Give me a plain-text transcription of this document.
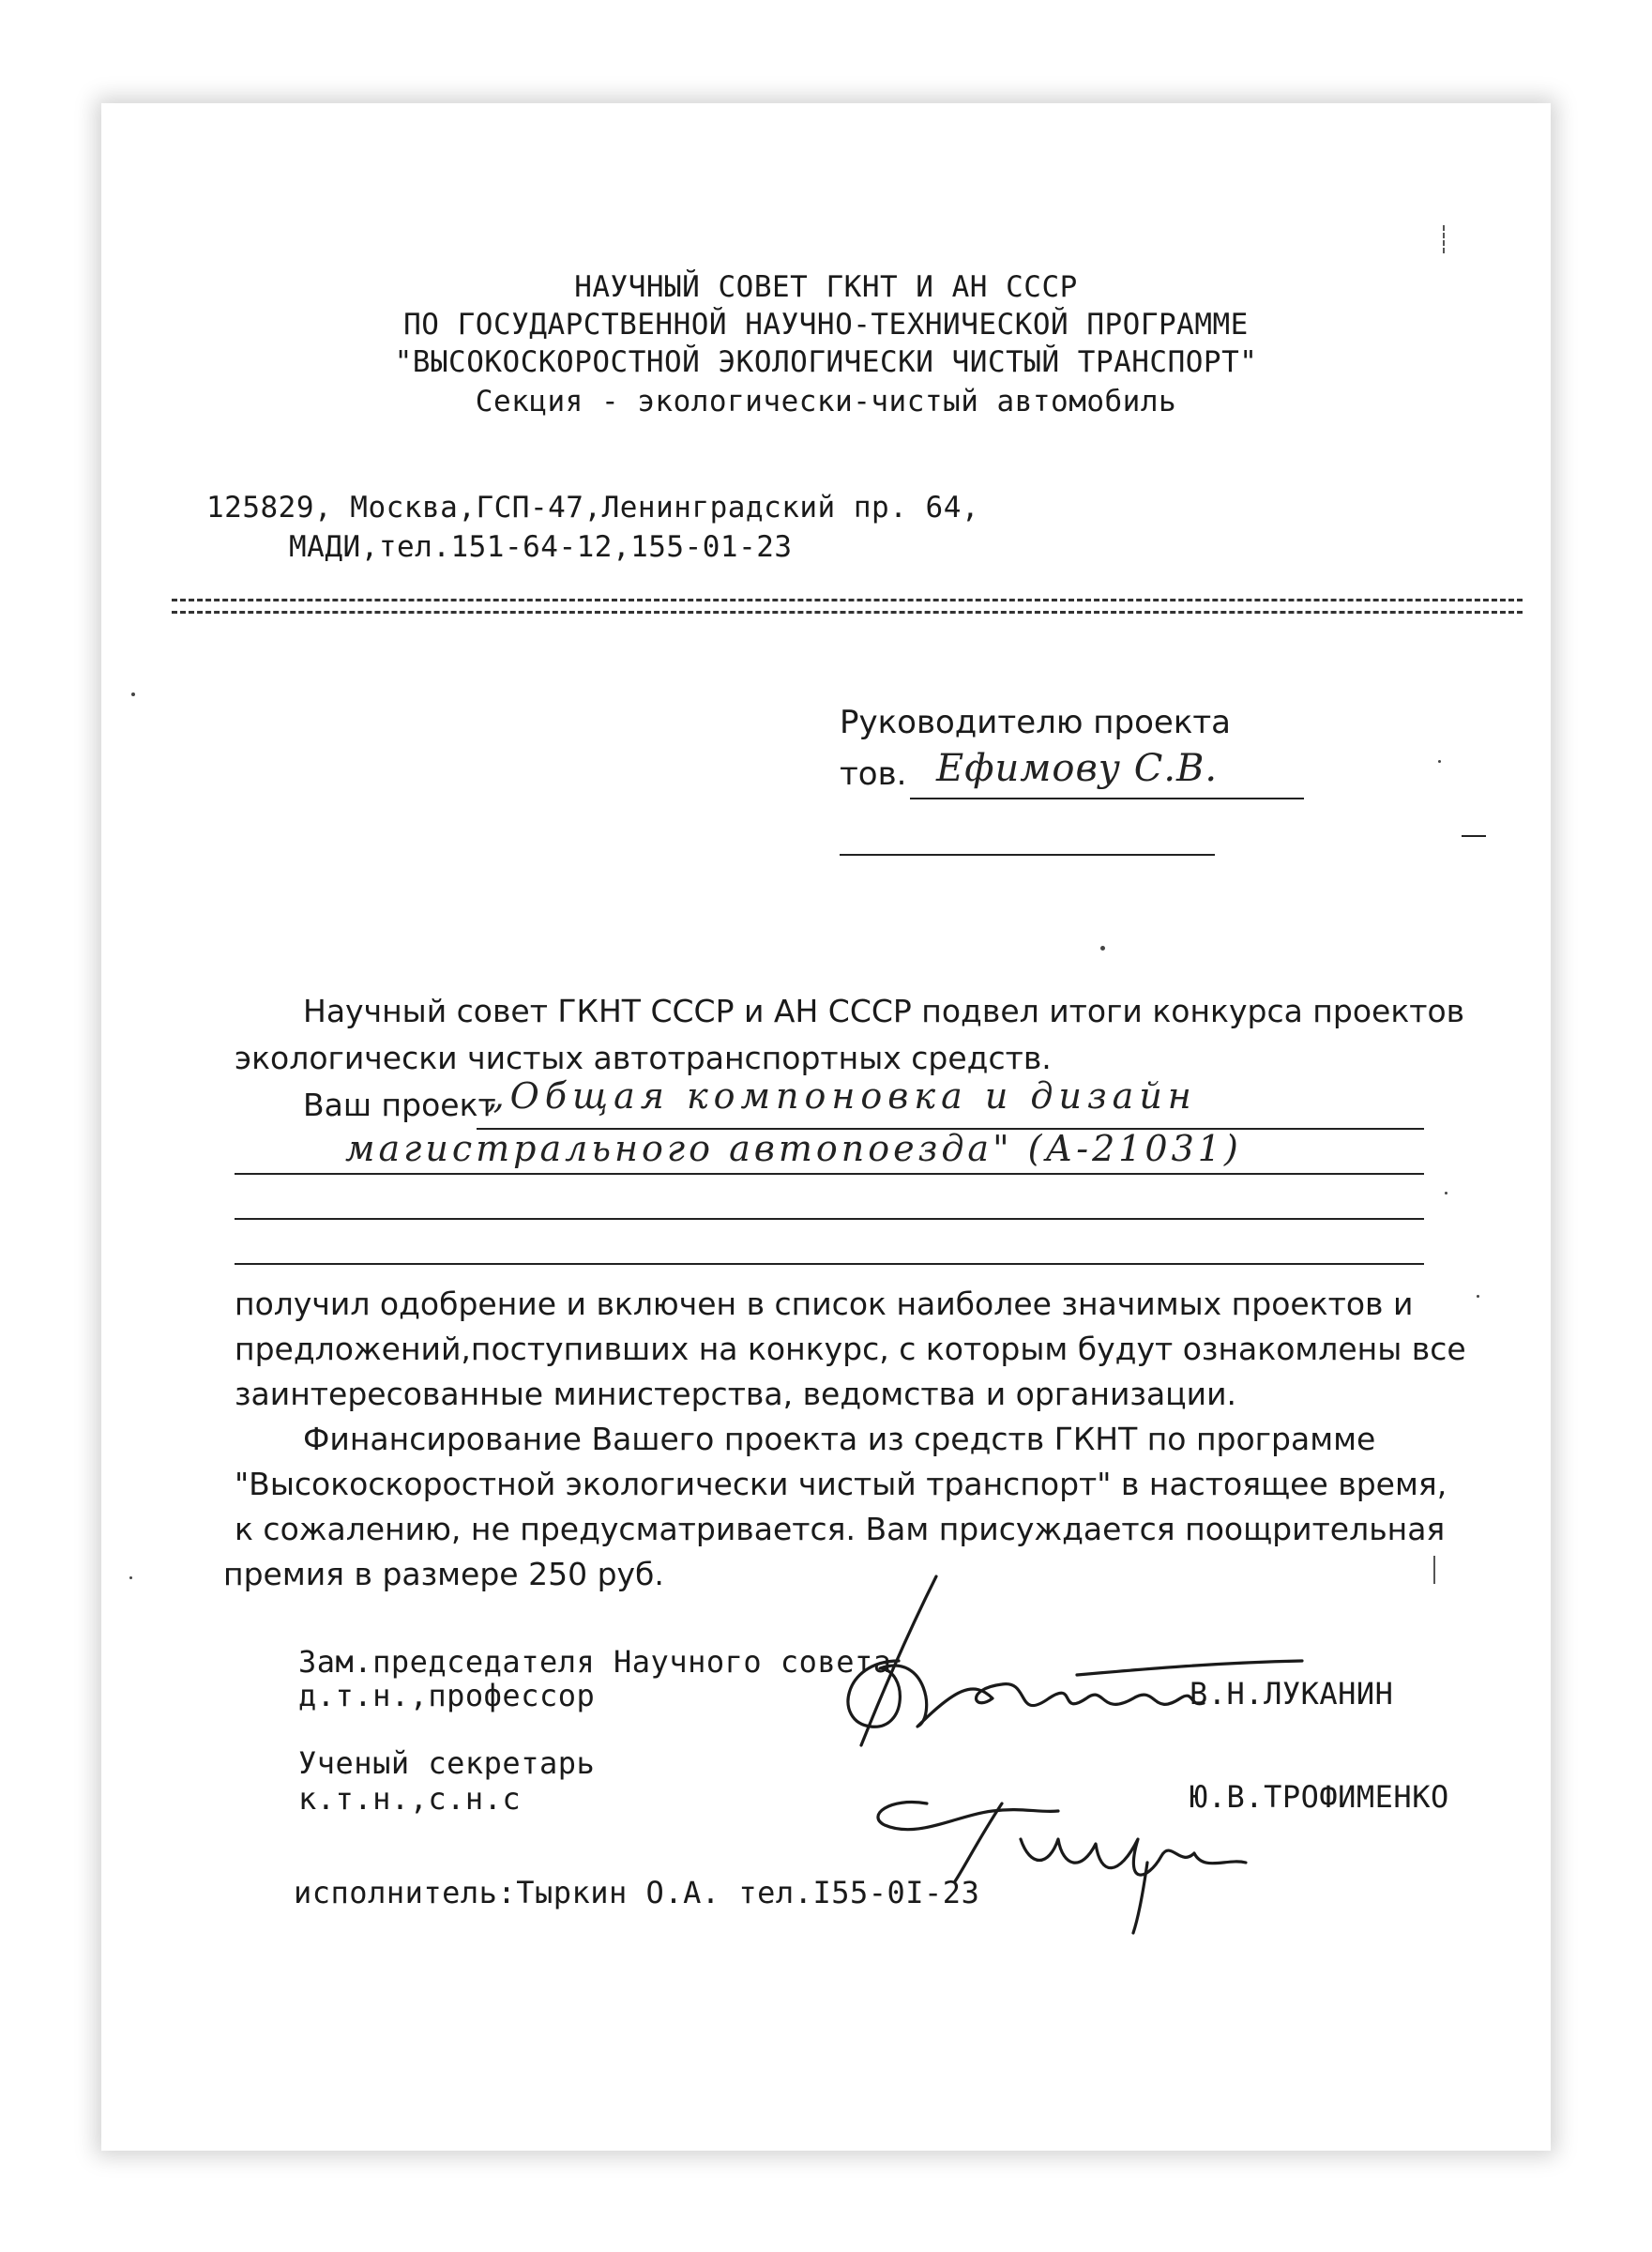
НАУЧНЫЙ СОВЕТ ГКНТ И АН СССР
ПО ГОСУДАРСТВЕННОЙ НАУЧНО-ТЕХНИЧЕСКОЙ ПРОГРАММЕ
"ВЫСОКОСКОРОСТНОЙ ЭКОЛОГИЧЕСКИ ЧИСТЫЙ ТРАНСПОРТ"
Секция - экологически-чистый автомобиль
125829, Москва,ГСП-47,Ленинградский пр. 64,
МАДИ,тел.151-64-12,155-01-23
Руководителю проекта
тов. Ефимову С.В.
Научный совет ГКНТ СССР и АН СССР подвел итоги конкурса проектов
экологически чистых автотранспортных средств.
Ваш проект
„Общая компоновка и дизайн
магистрального автопоезда" (А-21031)
получил одобрение и включен в список наиболее значимых проектов и
предложений,поступивших на конкурс, с которым будут ознакомлены все
заинтересованные министерства, ведомства и организации.
Финансирование Вашего проекта из средств ГКНТ по программе
"Высокоскоростной экологически чистый транспорт" в настоящее время,
к сожалению, не предусматривается. Вам присуждается поощрительная
премия в размере 250 руб.
Зам.председателя Научного совета
д.т.н.,профессор	В.Н.ЛУКАНИН
Ученый секретарь
к.т.н.,с.н.с	Ю.В.ТРОФИМЕНКО
исполнитель:Тыркин О.А. тел.I55-0I-23
